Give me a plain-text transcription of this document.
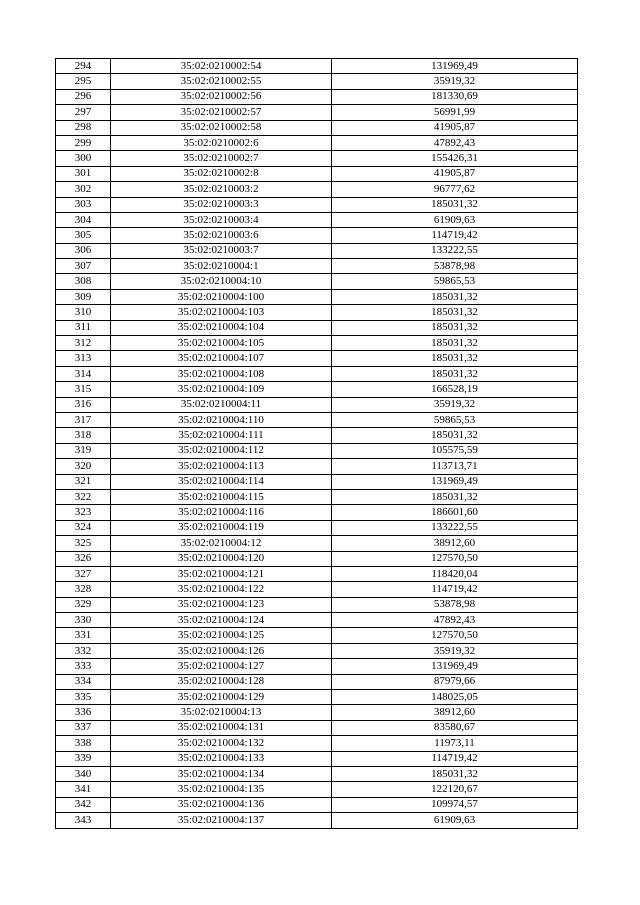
294	35:02:0210002:54	131969,49
295	35:02:0210002:55	35919,32
296	35:02:0210002:56	181330,69
297	35:02:0210002:57	56991,99
298	35:02:0210002:58	41905,87
299	35:02:0210002:6	47892,43
300	35:02:0210002:7	155426,31
301	35:02:0210002:8	41905,87
302	35:02:0210003:2	96777,62
303	35:02:0210003:3	185031,32
304	35:02:0210003:4	61909,63
305	35:02:0210003:6	114719,42
306	35:02:0210003:7	133222,55
307	35:02:0210004:1	53878,98
308	35:02:0210004:10	59865,53
309	35:02:0210004:100	185031,32
310	35:02:0210004:103	185031,32
311	35:02:0210004:104	185031,32
312	35:02:0210004:105	185031,32
313	35:02:0210004:107	185031,32
314	35:02:0210004:108	185031,32
315	35:02:0210004:109	166528,19
316	35:02:0210004:11	35919,32
317	35:02:0210004:110	59865,53
318	35:02:0210004:111	185031,32
319	35:02:0210004:112	105575,59
320	35:02:0210004:113	113713,71
321	35:02:0210004:114	131969,49
322	35:02:0210004:115	185031,32
323	35:02:0210004:116	186601,60
324	35:02:0210004:119	133222,55
325	35:02:0210004:12	38912,60
326	35:02:0210004:120	127570,50
327	35:02:0210004:121	118420,04
328	35:02:0210004:122	114719,42
329	35:02:0210004:123	53878,98
330	35:02:0210004:124	47892,43
331	35:02:0210004:125	127570,50
332	35:02:0210004:126	35919,32
333	35:02:0210004:127	131969,49
334	35:02:0210004:128	87979,66
335	35:02:0210004:129	148025,05
336	35:02:0210004:13	38912,60
337	35:02:0210004:131	83580,67
338	35:02:0210004:132	11973,11
339	35:02:0210004:133	114719,42
340	35:02:0210004:134	185031,32
341	35:02:0210004:135	122120,67
342	35:02:0210004:136	109974,57
343	35:02:0210004:137	61909,63
